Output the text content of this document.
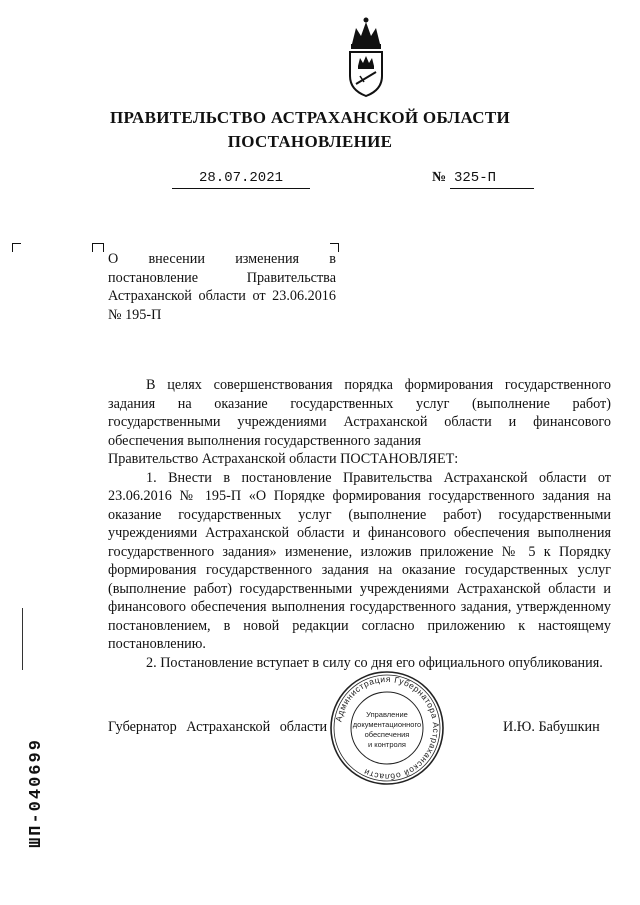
ПРАВИТЕЛЬСТВО АСТРАХАНСКОЙ ОБЛАСТИ
ПОСТАНОВЛЕНИЕ
28.07.2021	№ 325-П
О внесении изменения в постановление Правительства Астраханской области от 23.06.2016 № 195-П

В целях совершенствования порядка формирования государственного задания на оказание государственных услуг (выполнение работ) государственными учреждениями Астраханской области и финансового обеспечения выполнения государственного задания

Правительство Астраханской области ПОСТАНОВЛЯЕТ:

1. Внести в постановление Правительства Астраханской области от 23.06.2016 № 195-П «О Порядке формирования государственного задания на оказание государственных услуг (выполнение работ) государственными учреждениями Астраханской области и финансового обеспечения выполнения государственного задания» изменение, изложив приложение № 5 к Порядку формирования государственного задания на оказание государственных услуг (выполнение работ) государственными учреждениями Астраханской области и финансового обеспечения выполнения государственного задания, утвержденному постановлением, в новой редакции согласно приложению к настоящему постановлению.

2. Постановление вступает в силу со дня его официального опубликования.

Губернатор Астраханской области	И.Ю. Бабушкин
Администрация Губернатора Астраханской области
Управление
документационного
обеспечения
и контроля
ШП-040699
